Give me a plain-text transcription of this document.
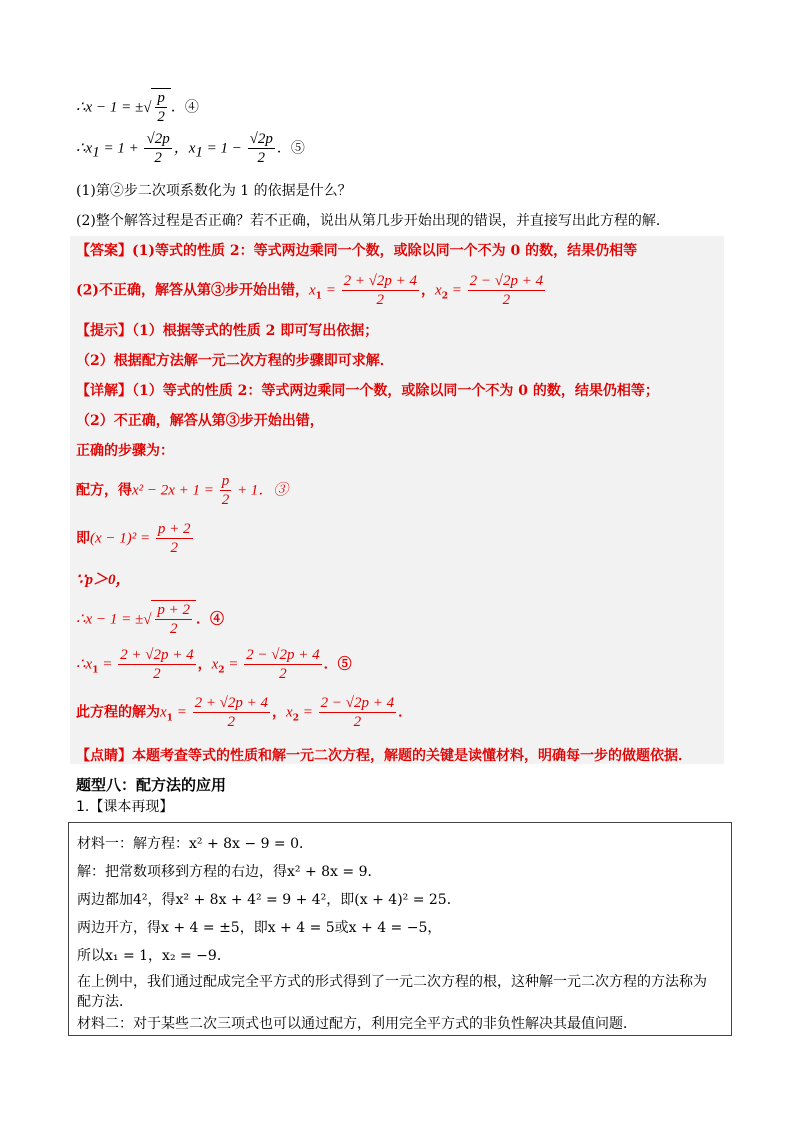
∴x − 1 = ±√ $\frac{p}{2}$ ．④
$\therefore x_1 = 1 + \frac{√2p}{2}$ ，$x_1 = 1 - \frac{√2p}{2}$ ．⑤
(1)第②步二次项系数化为 1 的依据是什么？
(2)整个解答过程是否正确？若不正确，说出从第几步开始出现的错误，并直接写出此方程的解．
【答案】(1)等式的性质 2：等式两边乘同一个数，或除以同一个不为 0 的数，结果仍相等
(2)不正确，解答从第③步开始出错，$x_1 = \frac{2 + √2p + 4}{2}$ ，$x_2 = \frac{2 - √2p + 4}{2}$
【提示】（1）根据等式的性质 2 即可写出依据；
（2）根据配方法解一元二次方程的步骤即可求解．
【详解】（1）等式的性质 2：等式两边乘同一个数，或除以同一个不为 0 的数，结果仍相等；
（2）不正确，解答从第③步开始出错，
正确的步骤为：
配方，得$x^2 - 2x + 1 = \frac{p}{2} + 1$．③
即$(x - 1)^2 = \frac{p + 2}{2}$
∵p＞0，
∴x − 1 = ±√ $\frac{p + 2}{2}$ ．④
$\therefore x_1 = \frac{2 + √2p + 4}{2}$ ，$x_2 = \frac{2 - √2p + 4}{2}$ ．⑤
此方程的解为$x_1 = \frac{2 + √2p + 4}{2}$ ，$x_2 = \frac{2 - √2p + 4}{2}$ ．
【点睛】本题考查等式的性质和解一元二次方程，解题的关键是读懂材料，明确每一步的做题依据．
题型八：配方法的应用
1.【课本再现】
材料一：解方程：x² + 8x − 9 = 0．
解：把常数项移到方程的右边，得x² + 8x = 9．
两边都加4²，得x² + 8x + 4² = 9 + 4²，即(x + 4)² = 25．
两边开方，得x + 4 = ±5，即x + 4 = 5或x + 4 = −5，
所以x₁ = 1，x₂ = −9．
在上例中，我们通过配成完全平方式的形式得到了一元二次方程的根，这种解一元二次方程的方法称为
配方法．
材料二：对于某些二次三项式也可以通过配方，利用完全平方式的非负性解决其最值问题．
